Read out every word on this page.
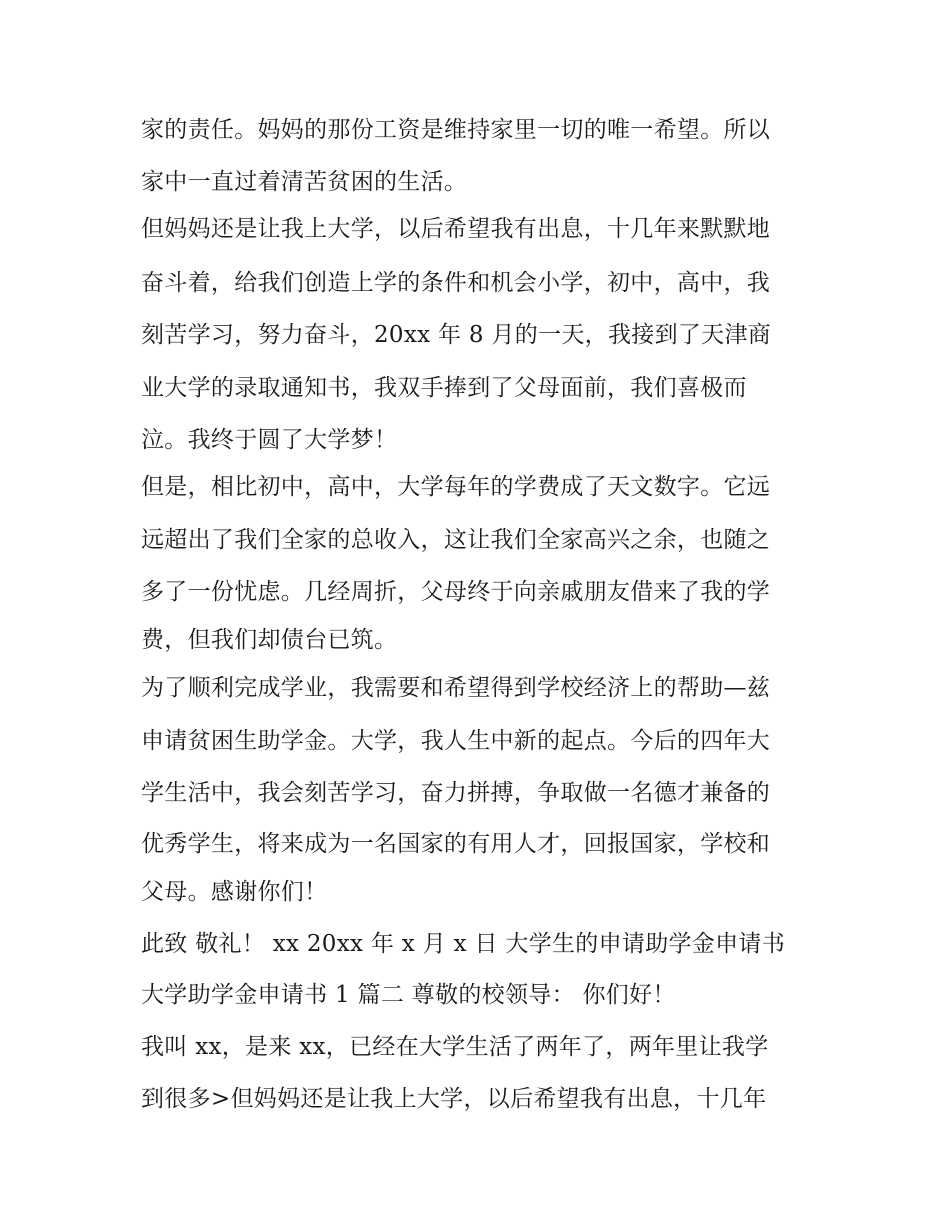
家的责任。妈妈的那份工资是维持家里一切的唯一希望。所以
家中一直过着清苦贫困的生活。
但妈妈还是让我上大学，以后希望我有出息，十几年来默默地
奋斗着，给我们创造上学的条件和机会小学，初中，高中，我
刻苦学习，努力奋斗，20xx 年 8 月的一天，我接到了天津商
业大学的录取通知书，我双手捧到了父母面前，我们喜极而
泣。我终于圆了大学梦！
但是，相比初中，高中，大学每年的学费成了天文数字。它远
远超出了我们全家的总收入，这让我们全家高兴之余，也随之
多了一份忧虑。几经周折，父母终于向亲戚朋友借来了我的学
费，但我们却债台已筑。
为了顺利完成学业，我需要和希望得到学校经济上的帮助—兹
申请贫困生助学金。大学，我人生中新的起点。今后的四年大
学生活中，我会刻苦学习，奋力拼搏，争取做一名德才兼备的
优秀学生，将来成为一名国家的有用人才，回报国家，学校和
父母。感谢你们！
此致 敬礼！ xx 20xx 年 x 月 x 日 大学生的申请助学金申请书
大学助学金申请书 1 篇二 尊敬的校领导： 你们好！
我叫 xx，是来 xx，已经在大学生活了两年了，两年里让我学
到很多>但妈妈还是让我上大学，以后希望我有出息，十几年
